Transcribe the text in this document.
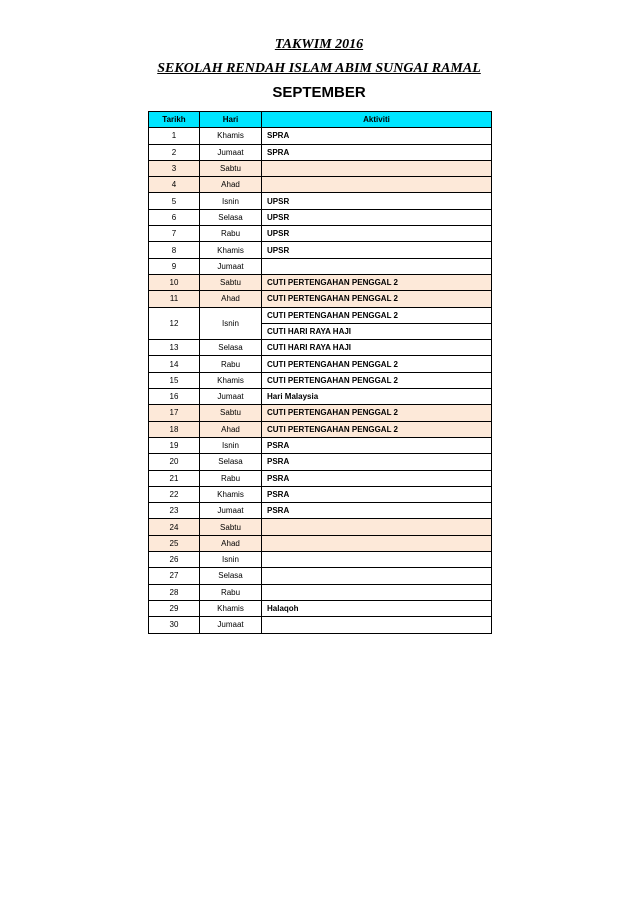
TAKWIM 2016
SEKOLAH RENDAH ISLAM ABIM SUNGAI RAMAL
SEPTEMBER
Tarikh	Hari	Aktiviti
1	Khamis	SPRA
2	Jumaat	SPRA
3	Sabtu	
4	Ahad	
5	Isnin	UPSR
6	Selasa	UPSR
7	Rabu	UPSR
8	Khamis	UPSR
9	Jumaat	
10	Sabtu	CUTI PERTENGAHAN PENGGAL 2
11	Ahad	CUTI PERTENGAHAN PENGGAL 2
12	Isnin	CUTI PERTENGAHAN PENGGAL 2
		CUTI HARI RAYA HAJI
13	Selasa	CUTI HARI RAYA HAJI
14	Rabu	CUTI PERTENGAHAN PENGGAL 2
15	Khamis	CUTI PERTENGAHAN PENGGAL 2
16	Jumaat	Hari Malaysia
17	Sabtu	CUTI PERTENGAHAN PENGGAL 2
18	Ahad	CUTI PERTENGAHAN PENGGAL 2
19	Isnin	PSRA
20	Selasa	PSRA
21	Rabu	PSRA
22	Khamis	PSRA
23	Jumaat	PSRA
24	Sabtu	
25	Ahad	
26	Isnin	
27	Selasa	
28	Rabu	
29	Khamis	Halaqoh
30	Jumaat	
